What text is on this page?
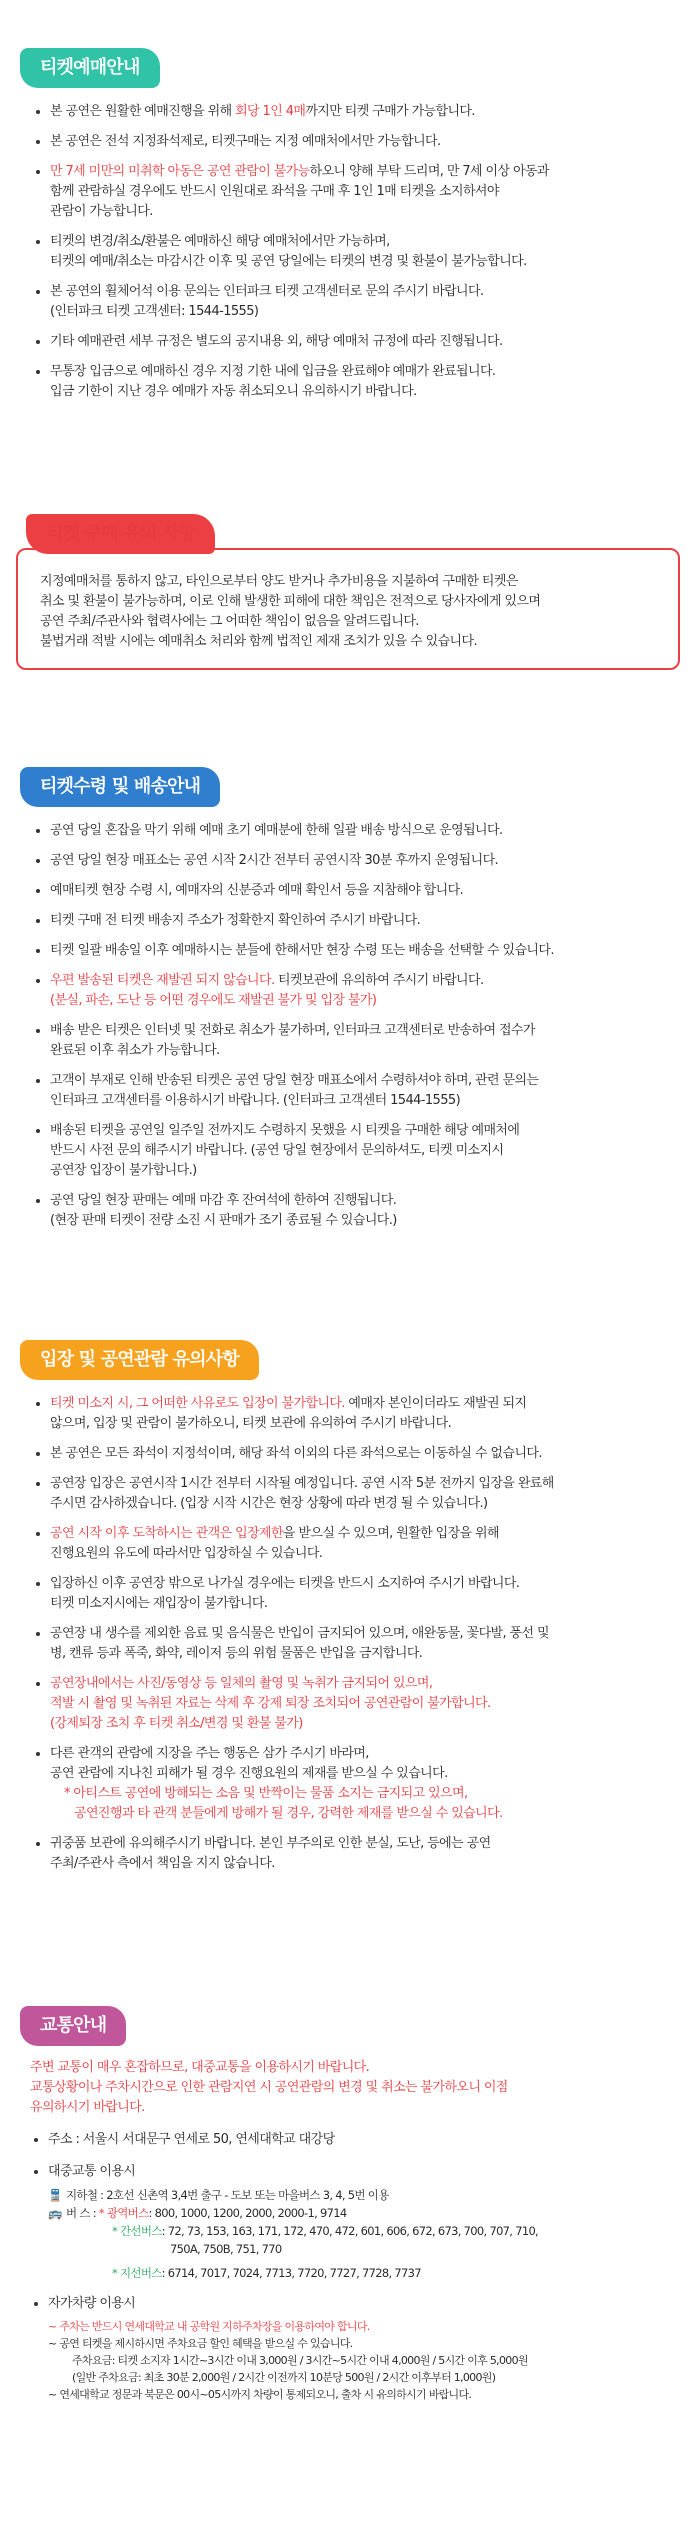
티켓예매안내
본 공연은 원활한 예매진행을 위해 회당 1인 4매까지만 티켓 구매가 가능합니다.
본 공연은 전석 지정좌석제로, 티켓구매는 지정 예매처에서만 가능합니다.
만 7세 미만의 미취학 아동은 공연 관람이 불가능하오니 양해 부탁 드리며, 만 7세 이상 아동과
함께 관람하실 경우에도 반드시 인원대로 좌석을 구매 후 1인 1매 티켓을 소지하셔야
관람이 가능합니다.
티켓의 변경/취소/환불은 예매하신 해당 예매처에서만 가능하며,
티켓의 예매/취소는 마감시간 이후 및 공연 당일에는 티켓의 변경 및 환불이 불가능합니다.
본 공연의 휠체어석 이용 문의는 인터파크 티켓 고객센터로 문의 주시기 바랍니다.
(인터파크 티켓 고객센터: 1544-1555)
기타 예매관련 세부 규정은 별도의 공지내용 외, 해당 예매처 규정에 따라 진행됩니다.
무통장 입금으로 예매하신 경우 지정 기한 내에 입금을 완료해야 예매가 완료됩니다.
입금 기한이 지난 경우 예매가 자동 취소되오니 유의하시기 바랍니다.
티켓 구매 유의 사항

지정예매처를 통하지 않고, 타인으로부터 양도 받거나 추가비용을 지불하여 구매한 티켓은

취소 및 환불이 불가능하며, 이로 인해 발생한 피해에 대한 책임은 전적으로 당사자에게 있으며

공연 주최/주관사와 협력사에는 그 어떠한 책임이 없음을 알려드립니다.

불법거래 적발 시에는 예매취소 처리와 함께 법적인 제재 조치가 있을 수 있습니다.

티켓수령 및 배송안내
공연 당일 혼잡을 막기 위해 예매 초기 예매분에 한해 일괄 배송 방식으로 운영됩니다.
공연 당일 현장 매표소는 공연 시작 2시간 전부터 공연시작 30분 후까지 운영됩니다.
예매티켓 현장 수령 시, 예매자의 신분증과 예매 확인서 등을 지참해야 합니다.
티켓 구매 전 티켓 배송지 주소가 정확한지 확인하여 주시기 바랍니다.
티켓 일괄 배송일 이후 예매하시는 분들에 한해서만 현장 수령 또는 배송을 선택할 수 있습니다.
우편 발송된 티켓은 재발권 되지 않습니다. 티켓보관에 유의하여 주시기 바랍니다.
(분실, 파손, 도난 등 어떤 경우에도 재발권 불가 및 입장 불가)
배송 받은 티켓은 인터넷 및 전화로 취소가 불가하며, 인터파크 고객센터로 반송하여 접수가
완료된 이후 취소가 가능합니다.
고객이 부재로 인해 반송된 티켓은 공연 당일 현장 매표소에서 수령하셔야 하며, 관련 문의는
인터파크 고객센터를 이용하시기 바랍니다. (인터파크 고객센터 1544-1555)
배송된 티켓을 공연일 일주일 전까지도 수령하지 못했을 시 티켓을 구매한 해당 예매처에
반드시 사전 문의 해주시기 바랍니다. (공연 당일 현장에서 문의하셔도, 티켓 미소지시
공연장 입장이 불가합니다.)
공연 당일 현장 판매는 예매 마감 후 잔여석에 한하여 진행됩니다.
(현장 판매 티켓이 전량 소진 시 판매가 조기 종료될 수 있습니다.)
입장 및 공연관람 유의사항
티켓 미소지 시, 그 어떠한 사유로도 입장이 불가합니다. 예매자 본인이더라도 재발권 되지
않으며, 입장 및 관람이 불가하오니, 티켓 보관에 유의하여 주시기 바랍니다.
본 공연은 모든 좌석이 지정석이며, 해당 좌석 이외의 다른 좌석으로는 이동하실 수 없습니다.
공연장 입장은 공연시작 1시간 전부터 시작될 예정입니다. 공연 시작 5분 전까지 입장을 완료해
주시면 감사하겠습니다. (입장 시작 시간은 현장 상황에 따라 변경 될 수 있습니다.)
공연 시작 이후 도착하시는 관객은 입장제한을 받으실 수 있으며, 원활한 입장을 위해
진행요원의 유도에 따라서만 입장하실 수 있습니다.
입장하신 이후 공연장 밖으로 나가실 경우에는 티켓을 반드시 소지하여 주시기 바랍니다.
티켓 미소지시에는 재입장이 불가합니다.
공연장 내 생수를 제외한 음료 및 음식물은 반입이 금지되어 있으며, 애완동물, 꽃다발, 풍선 및
병, 캔류 등과 폭죽, 화약, 레이저 등의 위험 물품은 반입을 금지합니다.
공연장내에서는 사진/동영상 등 일체의 촬영 및 녹취가 금지되어 있으며,
적발 시 촬영 및 녹취된 자료는 삭제 후 강제 퇴장 조치되어 공연관람이 불가합니다.
(강제퇴장 조치 후 티켓 취소/변경 및 환불 불가)
다른 관객의 관람에 지장을 주는 행동은 삼가 주시기 바라며,
공연 관람에 지나친 피해가 될 경우 진행요원의 제재를 받으실 수 있습니다.
* 아티스트 공연에 방해되는 소음 및 반짝이는 물품 소지는 금지되고 있으며,
공연진행과 타 관객 분들에게 방해가 될 경우, 강력한 제재를 받으실 수 있습니다.
귀중품 보관에 유의해주시기 바랍니다. 본인 부주의로 인한 분실, 도난, 등에는 공연
주최/주관사 측에서 책임을 지지 않습니다.
교통안내
주변 교통이 매우 혼잡하므로, 대중교통을 이용하시기 바랍니다.
교통상황이나 주차시간으로 인한 관람지연 시 공연관람의 변경 및 취소는 불가하오니 이점
유의하시기 바랍니다.
주소 : 서울시 서대문구 연세로 50, 연세대학교 대강당
대중교통 이용시
🚆 지하철 : 2호선 신촌역 3,4번 출구 - 도보 또는 마을버스 3, 4, 5번 이용
🚌 버 스 : * 광역버스: 800, 1000, 1200, 2000, 2000-1, 9714
* 간선버스: 72, 73, 153, 163, 171, 172, 470, 472, 601, 606, 672, 673, 700, 707, 710,
750A, 750B, 751, 770
* 지선버스: 6714, 7017, 7024, 7713, 7720, 7727, 7728, 7737
자가차량 이용시
~ 주차는 반드시 연세대학교 내 공학원 지하주차장을 이용하여야 합니다.
~ 공연 티켓을 제시하시면 주차요금 할인 혜택을 받으실 수 있습니다.
주차요금: 티켓 소지자 1시간~3시간 이내 3,000원 / 3시간~5시간 이내 4,000원 / 5시간 이후 5,000원
(일반 주차요금: 최초 30분 2,000원 / 2시간 이전까지 10분당 500원 / 2시간 이후부터 1,000원)
~ 연세대학교 정문과 북문은 00시~05시까지 차량이 통제되오니, 출차 시 유의하시기 바랍니다.
